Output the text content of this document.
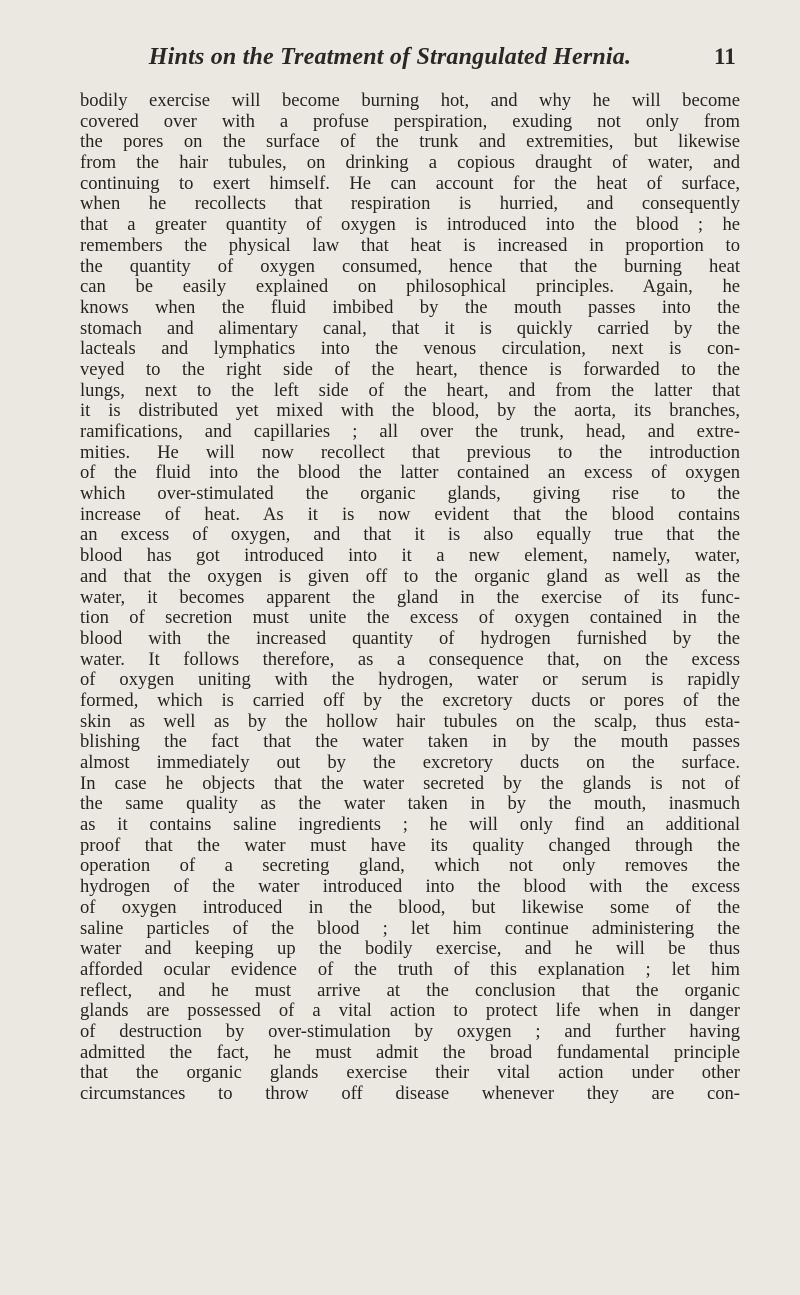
Hints on the Treatment of Strangulated Hernia.	11
bodily exercise will become burning hot, and why he will become
covered over with a profuse perspiration, exuding not only from
the pores on the surface of the trunk and extremities, but likewise
from the hair tubules, on drinking a copious draught of water, and
continuing to exert himself. He can account for the heat of surface,
when he recollects that respiration is hurried, and consequently
that a greater quantity of oxygen is introduced into the blood ; he
remembers the physical law that heat is increased in proportion to
the quantity of oxygen consumed, hence that the burning heat
can be easily explained on philosophical principles. Again, he
knows when the fluid imbibed by the mouth passes into the
stomach and alimentary canal, that it is quickly carried by the
lacteals and lymphatics into the venous circulation, next is con-
veyed to the right side of the heart, thence is forwarded to the
lungs, next to the left side of the heart, and from the latter that
it is distributed yet mixed with the blood, by the aorta, its branches,
ramifications, and capillaries ; all over the trunk, head, and extre-
mities. He will now recollect that previous to the introduction
of the fluid into the blood the latter contained an excess of oxygen
which over-stimulated the organic glands, giving rise to the
increase of heat. As it is now evident that the blood contains
an excess of oxygen, and that it is also equally true that the
blood has got introduced into it a new element, namely, water,
and that the oxygen is given off to the organic gland as well as the
water, it becomes apparent the gland in the exercise of its func-
tion of secretion must unite the excess of oxygen contained in the
blood with the increased quantity of hydrogen furnished by the
water. It follows therefore, as a consequence that, on the excess
of oxygen uniting with the hydrogen, water or serum is rapidly
formed, which is carried off by the excretory ducts or pores of the
skin as well as by the hollow hair tubules on the scalp, thus esta-
blishing the fact that the water taken in by the mouth passes
almost immediately out by the excretory ducts on the surface.
In case he objects that the water secreted by the glands is not of
the same quality as the water taken in by the mouth, inasmuch
as it contains saline ingredients ; he will only find an additional
proof that the water must have its quality changed through the
operation of a secreting gland, which not only removes the
hydrogen of the water introduced into the blood with the excess
of oxygen introduced in the blood, but likewise some of the
saline particles of the blood ; let him continue administering the
water and keeping up the bodily exercise, and he will be thus
afforded ocular evidence of the truth of this explanation ; let him
reflect, and he must arrive at the conclusion that the organic
glands are possessed of a vital action to protect life when in danger
of destruction by over-stimulation by oxygen ; and further having
admitted the fact, he must admit the broad fundamental principle
that the organic glands exercise their vital action under other
circumstances to throw off disease whenever they are con-
